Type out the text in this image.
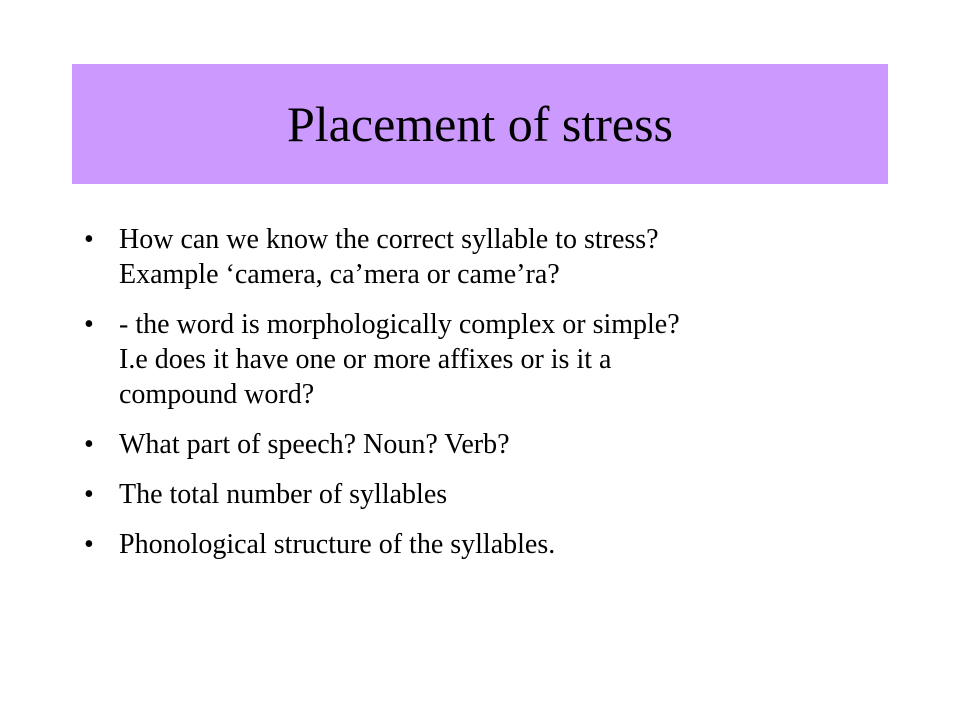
Placement of stress
• How can we know the correct syllable to stress?
Example ‘camera, ca’mera or came’ra?
• - the word is morphologically complex or simple?
I.e does it have one or more affixes or is it a
compound word?
• What part of speech? Noun? Verb?
• The total number of syllables
• Phonological structure of the syllables.
